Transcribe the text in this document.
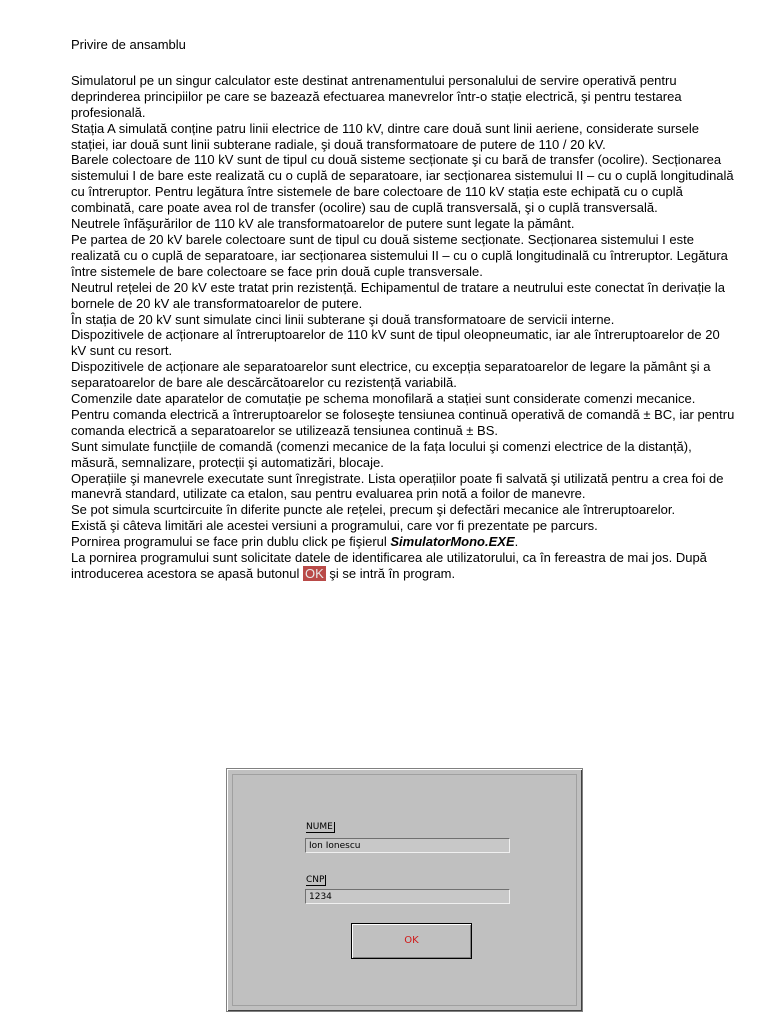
Privire de ansamblu

Simulatorul pe un singur calculator este destinat antrenamentului personalului de servire operativă pentru deprinderea principiilor pe care se bazează efectuarea manevrelor într-o stație electrică, şi pentru testarea profesională.

Stația A simulată conține patru linii electrice de 110 kV, dintre care două sunt linii aeriene, considerate sursele stației, iar două sunt linii subterane radiale, şi două transformatoare de putere de 110 / 20 kV.

Barele colectoare de 110 kV sunt de tipul cu două sisteme secționate şi cu bară de transfer (ocolire). Secționarea sistemului I de bare este realizată cu o cuplă de separatoare, iar secționarea sistemului II – cu o cuplă longitudinală cu întreruptor. Pentru legătura între sistemele de bare colectoare de 110 kV stația este echipată cu o cuplă combinată, care poate avea rol de transfer (ocolire) sau de cuplă transversală, şi o cuplă transversală.

Neutrele înfăşurărilor de 110 kV ale transformatoarelor de putere sunt legate la pământ.

Pe partea de 20 kV barele colectoare sunt de tipul cu două sisteme secționate. Secționarea sistemului I este realizată cu o cuplă de separatoare, iar secționarea sistemului II – cu o cuplă longitudinală cu întreruptor. Legătura între sistemele de bare colectoare se face prin două cuple transversale.

Neutrul rețelei de 20 kV este tratat prin rezistență. Echipamentul de tratare a neutrului este conectat în derivație la bornele de 20 kV ale transformatoarelor de putere.

În stația de 20 kV sunt simulate cinci linii subterane şi două transformatoare de servicii interne.

Dispozitivele de acționare al întreruptoarelor de 110 kV sunt de tipul oleopneumatic, iar ale întreruptoarelor de 20 kV sunt cu resort.

Dispozitivele de acționare ale separatoarelor sunt electrice, cu excepția separatoarelor de legare la pământ şi a separatoarelor de bare ale descărcătoarelor cu rezistență variabilă.

Comenzile date aparatelor de comutație pe schema monofilară a stației sunt considerate comenzi mecanice.

Pentru comanda electrică a întreruptoarelor se foloseşte tensiunea continuă operativă de comandă ± BC, iar pentru comanda electrică a separatoarelor se utilizează tensiunea continuă ± BS.

Sunt simulate funcțiile de comandă (comenzi mecanice de la fața locului şi comenzi electrice de la distanță), măsură, semnalizare, protecții şi automatizări, blocaje.

Operațiile şi manevrele executate sunt înregistrate. Lista operațiilor poate fi salvată şi utilizată pentru a crea foi de manevră standard, utilizate ca etalon, sau pentru evaluarea prin notă a foilor de manevre.

Se pot simula scurtcircuite în diferite puncte ale rețelei, precum şi defectări mecanice ale întreruptoarelor.

Există şi câteva limitări ale acestei versiuni a programului, care vor fi prezentate pe parcurs.

Pornirea programului se face prin dublu click pe fişierul SimulatorMono.EXE.

La pornirea programului sunt solicitate datele de identificarea ale utilizatorului, ca în fereastra de mai jos. După introducerea acestora se apasă butonul OK şi se intră în program.

NUME
Ion Ionescu
CNP
1234
OK
